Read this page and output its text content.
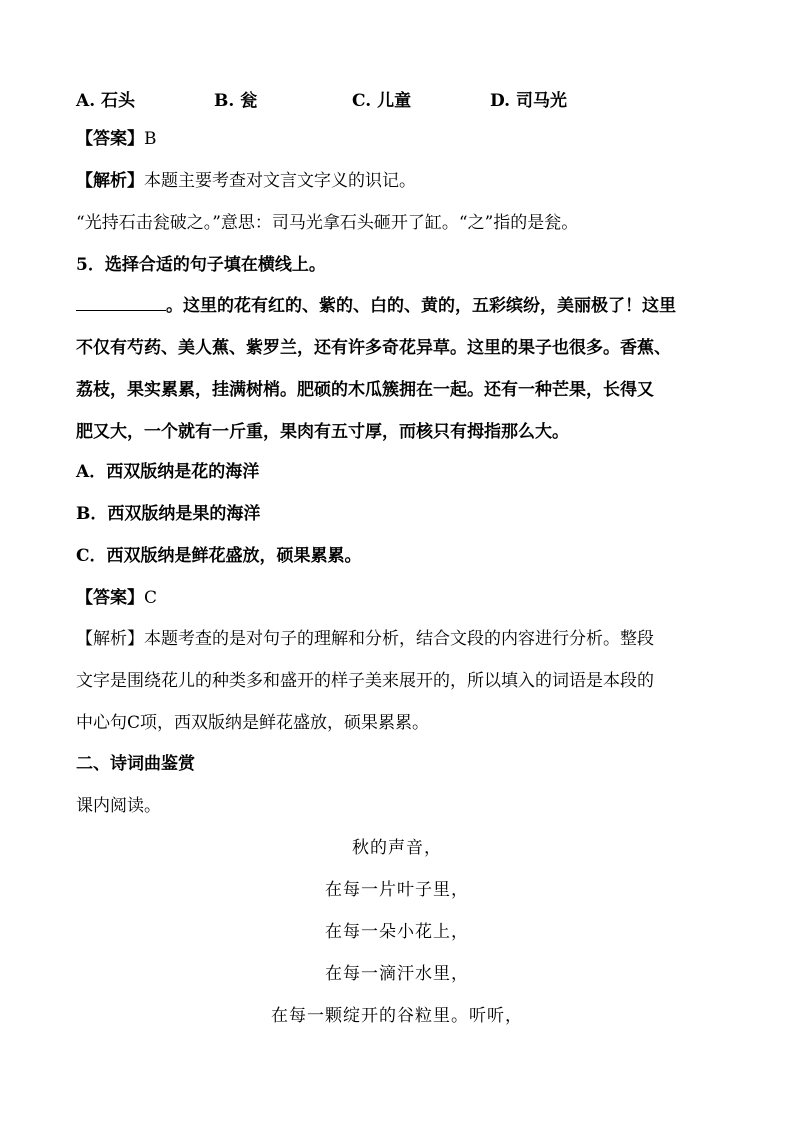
A. 石头	B. 瓮	C. 儿童	D. 司马光
【答案】B
【解析】本题主要考查对文言文字义的识记。
“光持石击瓮破之。”意思：司马光拿石头砸开了缸。“之”指的是瓮。
5．选择合适的句子填在横线上。
。这里的花有红的、紫的、白的、黄的，五彩缤纷，美丽极了！这里
不仅有芍药、美人蕉、紫罗兰，还有许多奇花异草。这里的果子也很多。香蕉、
荔枝，果实累累，挂满树梢。肥硕的木瓜簇拥在一起。还有一种芒果，长得又
肥又大，一个就有一斤重，果肉有五寸厚，而核只有拇指那么大。
A．西双版纳是花的海洋
B．西双版纳是果的海洋
C．西双版纳是鲜花盛放，硕果累累。
【答案】C
【解析】本题考查的是对句子的理解和分析，结合文段的内容进行分析。整段
文字是围绕花儿的种类多和盛开的样子美来展开的，所以填入的词语是本段的
中心句C项，西双版纳是鲜花盛放，硕果累累。
二、诗词曲鉴赏
课内阅读。
秋的声音，
在每一片叶子里，
在每一朵小花上，
在每一滴汗水里，
在每一颗绽开的谷粒里。听听，
